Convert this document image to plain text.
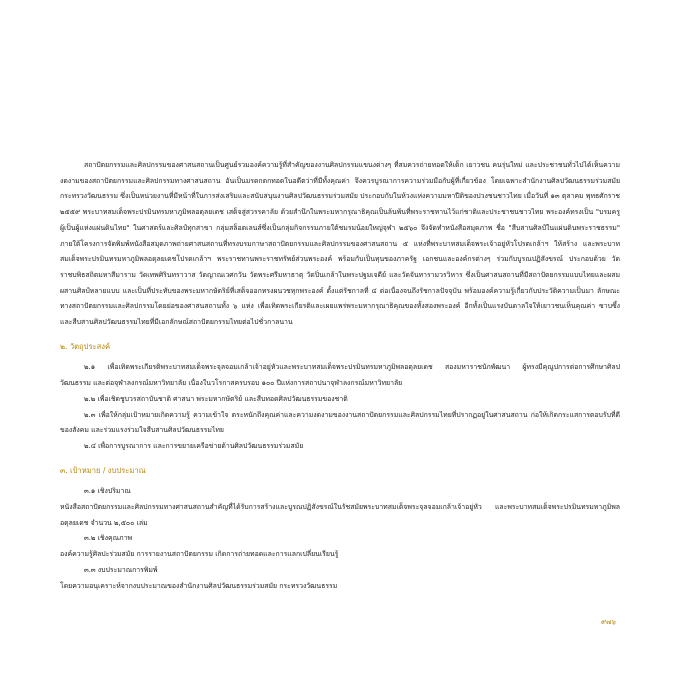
สถาปัตยกรรมและศิลปกรรมของศาสนสถานเป็นศูนย์รวมองค์ความรู้ที่สำคัญของงานศิลปกรรมแขนงต่างๆ ที่สมควรถ่ายทอดให้เด็ก เยาวชน คนรุ่นใหม่ และประชาชนทั่วไปได้เห็นความงดงามของสถาปัตยกรรมและศิลปกรรมทางศาสนสถาน อันเป็นมรดกตกทอดในอดีตว่าที่มีทั้งคุณค่า จึงควรบูรณาการความร่วมมือกับผู้ที่เกี่ยวข้อง โดยเฉพาะสำนักงานศิลปวัฒนธรรมร่วมสมัย กระทรวงวัฒนธรรม ซึ่งเป็นหน่วยงานที่มีหน้าที่ในการส่งเสริมและสนับสนุนงานศิลปวัฒนธรรมร่วมสมัย ประกอบกับในห้วงแห่งความมหาปีติของปวงชนชาวไทย เมื่อวันที่ ๑๓ ตุลาคม พุทธศักราช ๒๕๕๙ พระบาทสมเด็จพระปรมินทรมหาภูมิพลอดุลยเดช เสด็จสู่สวรรคาลัย ด้วยสำนึกในพระมหากรุณาธิคุณเป็นล้นพ้นที่พระราชทานไว้แก่ชาติและประชาชนชาวไทย พระองค์ทรงเป็น "บรมครูผู้เป็นผู้แห่งแผ่นดินไทย" ในศาสตร์และศิลป์ทุกสาขา กลุ่มสล็อตเลนส์ซึ่งเป็นกลุ่มกิจกรรมภายใต้ชมรมน้อยใหญ่จุฬา ๒๕๖๐ จึงจัดทำหนังสือสมุดภาพ ชื่อ "สืบสานศิลป์ในแผ่นดินพระราชธรรม" ภายใต้โครงการจัดพิมพ์หนังสือสมุดภาพถ่ายศาสนสถานที่ทรงบรมกาษาสถาปัตยกรรมและศิลปกรรมของศาสนสถาน ๕ แห่งที่พระบาทสมเด็จพระเจ้าอยู่หัวโปรดเกล้าฯ ให้สร้าง และพระบาทสมเด็จพระปรมินทรมหาภูมิพลอดุลยเดชโปรดเกล้าฯ พระราชทานพระราชทรัพย์ส่วนพระองค์ พร้อมกับเป็นทุนของภาครัฐ เอกชนและองค์กรต่างๆ ร่วมกับบูรณปฏิสังขรณ์ ประกอบด้วย วัดราชบพิธสถิตมหาสีมาราม วัดเทพศิรินทราวาส วัดญาณเวศกวัน วัดพระศรีมหาธาตุ วัดปิ่นเกล้าในพระปฐมเจดีย์ และวัดจันทารามวรวิหาร ซึ่งเป็นศาสนสถานที่มีสถาปัตยกรรมแบบไทยและผสมผสานศิลป์หลายแบบ และเป็นที่ประทับของพระมหากษัตริย์ที่เสด็จออกทรงผนวชทุกพระองค์ ตั้งแต่รัชกาลที่ ๔ ต่อเนื่องจนถึงรัชกาลปัจจุบัน พร้อมองค์ความรู้เกี่ยวกับประวัติความเป็นมา ลักษณะทางสถาปัตยกรรมและศิลปกรรมโดยย่อของศาสนสถานทั้ง ๖ แห่ง เพื่อเทิดพระเกียรติและเผยแพร่พระมหากรุณาธิคุณของทั้งสองพระองค์ อีกทั้งเป็นแรงบันดาลใจให้เยาวชนเห็นคุณค่า ซาบซึ้ง และสืบสานศิลปวัฒนธรรมไทยที่มีเอกลักษณ์สถาปัตยกรรมไทยต่อไปชั่วกาลนาน

๒. วัตถุประสงค์

๒.๑ เพื่อเทิดพระเกียรติพระบาทสมเด็จพระจุลจอมเกล้าเจ้าอยู่หัวและพระบาทสมเด็จพระปรมินทรมหาภูมิพลอดุลยเดช สองมหาราชนักพัฒนา ผู้ทรงมีคุณูปการต่อการศึกษาศิลปวัฒนธรรม และต่อจุฬาลงกรณ์มหาวิทยาลัย เนื่องในวโรกาสครบรอบ ๑๐๐ ปีแห่งการสถาปนาจุฬาลงกรณ์มหาวิทยาลัย

๒.๒ เพื่อเชิดชูบวรสถาบันชาติ ศาสนา พระมหากษัตริย์ และสืบทอดศิลปวัฒนธรรมของชาติ

๒.๓ เพื่อให้กลุ่มเป้าหมายเกิดความรู้ ความเข้าใจ ตระหนักถึงคุณค่าและความงดงามของงานสถาปัตยกรรมและศิลปกรรมไทยที่ปรากฏอยู่ในศาสนสถาน ก่อให้เกิดกระแสการตอบรับที่ดีของสังคม และร่วมแรงร่วมใจสืบสานศิลปวัฒนธรรมไทย

๒.๔ เพื่อการบูรณาการ และการขยายเครือข่ายด้านศิลปวัฒนธรรมร่วมสมัย

๓. เป้าหมาย / งบประมาณ

๓.๑ เชิงปริมาณ

หนังสือสถาปัตยกรรมและศิลปกรรมทางศาสนสถานสำคัญที่ได้รับการสร้างและบูรณปฏิสังขรณ์ในรัชสมัยพระบาทสมเด็จพระจุลจอมเกล้าเจ้าอยู่หัว และพระบาทสมเด็จพระปรมินทรมหาภูมิพลอดุลยเดช จำนวน ๒,๕๐๐ เล่ม

๓.๒ เชิงคุณภาพ

องค์ความรู้ศิลปะร่วมสมัย การรายงานสถาปัตยกรรม เกิดการถ่ายทอดและการแลกเปลี่ยนเรียนรู้

๓.๓ งบประมาณการพิมพ์

โดยความอนุเคราะห์จากงบประมาณของสำนักงานศิลปวัฒนธรรมร่วมสมัย กระทรวงวัฒนธรรม

๙๗๖
